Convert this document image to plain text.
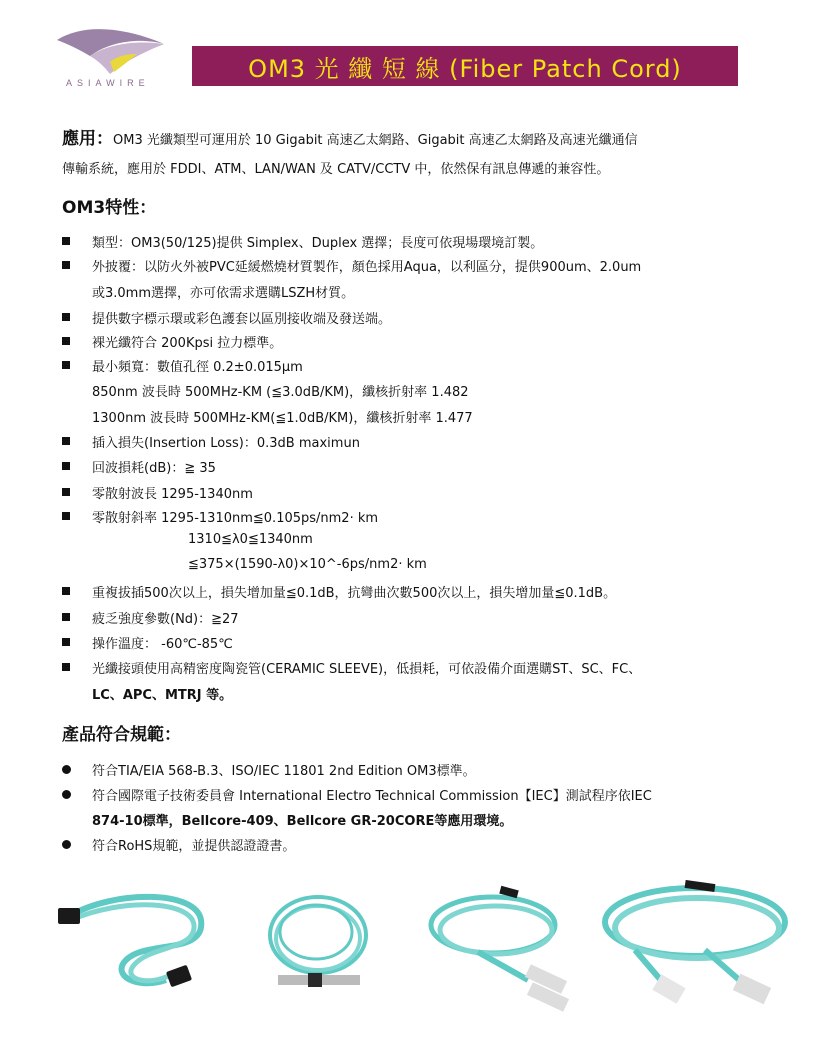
ASIAWIRE
OM3 光 纖 短 線 (Fiber Patch Cord)
應用：OM3 光纖類型可運用於 10 Gigabit 高速乙太網路、Gigabit 高速乙太網路及高速光纖通信
傳輸系統，應用於 FDDI、ATM、LAN/WAN 及 CATV/CCTV 中，依然保有訊息傳遞的兼容性。
OM3特性：
類型：OM3(50/125)提供 Simplex、Duplex 選擇；長度可依現場環境訂製。
外披覆：以防火外被PVC延緩燃燒材質製作，顏色採用Aqua，以利區分，提供900um、2.0um
或3.0mm選擇，亦可依需求選購LSZH材質。
提供數字標示環或彩色護套以區別接收端及發送端。
裸光纖符合 200Kpsi 拉力標準。
最小頻寬：數值孔徑 0.2±0.015μm
850nm 波長時 500MHz-KM (≦3.0dB/KM)，纖核折射率 1.482
1300nm 波長時 500MHz-KM(≦1.0dB/KM)，纖核折射率 1.477
插入損失(Insertion Loss)：0.3dB maximun
回波損耗(dB)：≧ 35
零散射波長 1295-1340nm
零散射斜率 1295-1310nm≦0.105ps/nm2· km
1310≦λ0≦1340nm
≦375×(1590-λ0)×10^-6ps/nm2· km
重複拔插500次以上，損失增加量≦0.1dB，抗彎曲次數500次以上，損失增加量≦0.1dB。
疲乏強度參數(Nd)：≧27
操作溫度： -60℃-85℃
光纖接頭使用高精密度陶瓷管(CERAMIC SLEEVE)，低損耗，可依設備介面選購ST、SC、FC、
LC、APC、MTRJ 等。
產品符合規範：
符合TIA/EIA 568-B.3、ISO/IEC 11801 2nd Edition OM3標準。
符合國際電子技術委員會 International Electro Technical Commission【IEC】測試程序依IEC
874-10標準，Bellcore-409、Bellcore GR-20CORE等應用環境。
符合RoHS規範，並提供認證證書。
